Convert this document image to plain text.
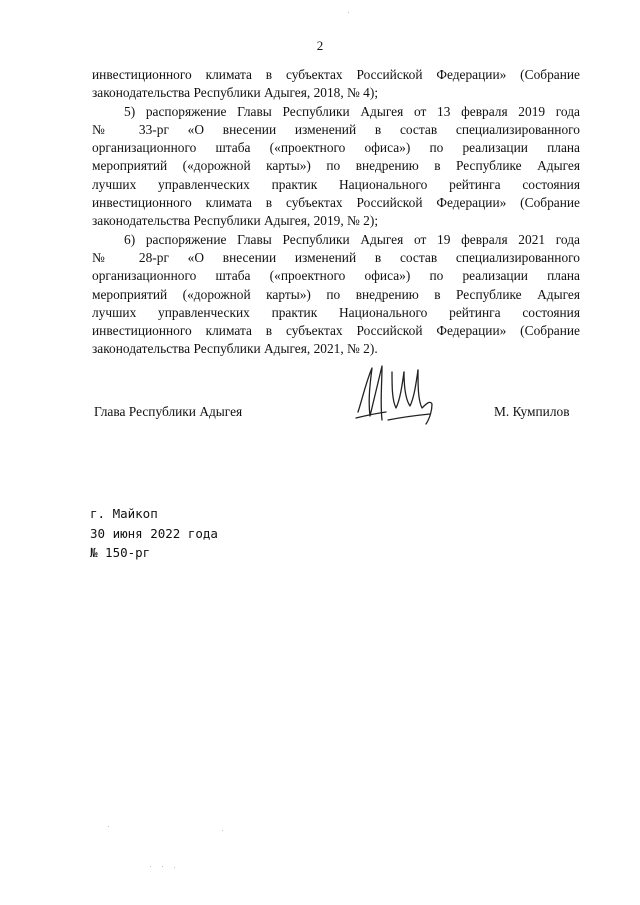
2

инвестиционного климата в субъектах Российской Федерации» (Собрание
законодательства Республики Адыгея, 2018, № 4);

5) распоряжение Главы Республики Адыгея от 13 февраля 2019 года
№ 33-рг «О внесении изменений в состав специализированного
организационного штаба («проектного офиса») по реализации плана
мероприятий («дорожной карты») по внедрению в Республике Адыгея
лучших управленческих практик Национального рейтинга состояния
инвестиционного климата в субъектах Российской Федерации» (Собрание
законодательства Республики Адыгея, 2019, № 2);

6) распоряжение Главы Республики Адыгея от 19 февраля 2021 года
№ 28-рг «О внесении изменений в состав специализированного
организационного штаба («проектного офиса») по реализации плана
мероприятий («дорожной карты») по внедрению в Республике Адыгея
лучших управленческих практик Национального рейтинга состояния
инвестиционного климата в субъектах Российской Федерации» (Собрание
законодательства Республики Адыгея, 2021, № 2).

Глава Республики Адыгея	М. Кумпилов
г. Майкоп
30 июня 2022 года
№ 150-рг
